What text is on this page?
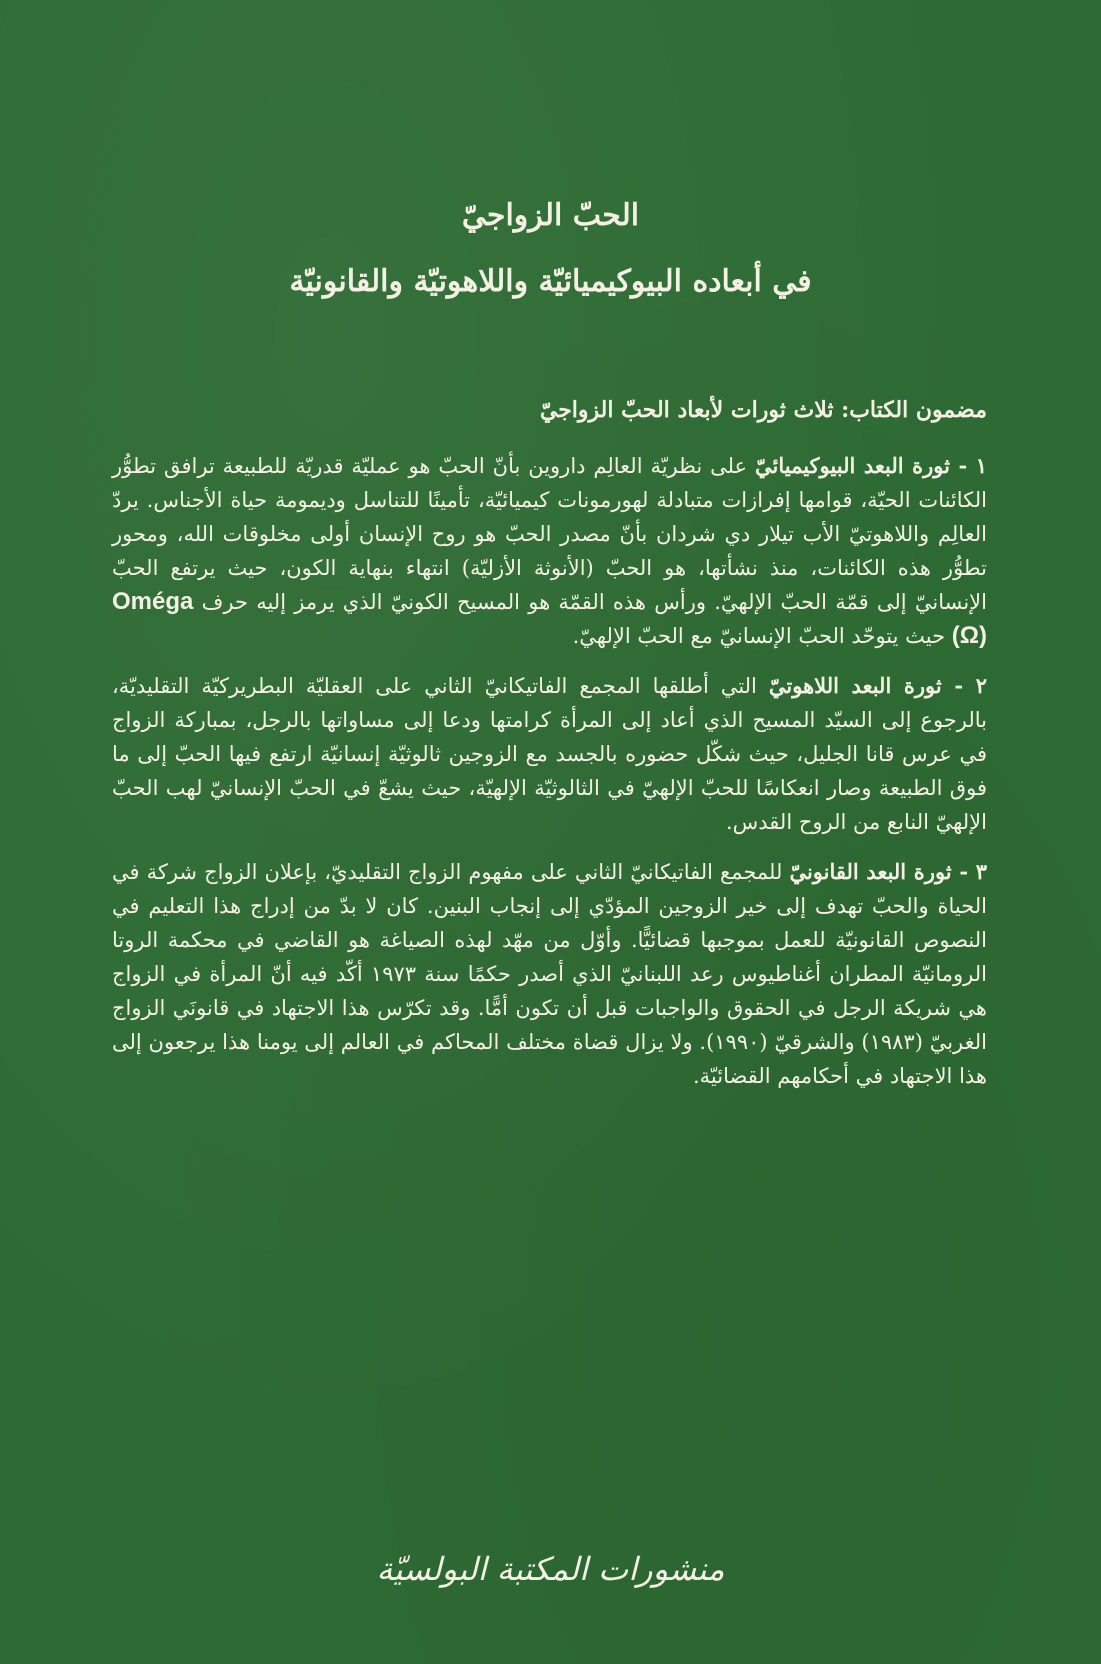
الحبّ الزواجيّ
في أبعاده البيوكيميائيّة واللاهوتيّة والقانونيّة

مضمون الكتاب: ثلاث ثورات لأبعاد الحبّ الزواجيّ

١ - ثورة البعد البيوكيميائيّ على نظريّة العالِم داروين بأنّ الحبّ هو عمليّة قدريّة للطبيعة ترافق تطوُّر الكائنات الحيّة، قوامها إفرازات متبادلة لهورمونات كيميائيّة، تأمينًا للتناسل وديمومة حياة الأجناس. يردّ العالِم واللاهوتيّ الأب تيلار دي شردان بأنّ مصدر الحبّ هو روح الإنسان أولى مخلوقات الله، ومحور تطوُّر هذه الكائنات، منذ نشأتها، هو الحبّ (الأنوثة الأزليّة) انتهاء بنهاية الكون، حيث يرتفع الحبّ الإنسانيّ إلى قمّة الحبّ الإلهيّ. ورأس هذه القمّة هو المسيح الكونيّ الذي يرمز إليه حرف Oméga (Ω) حيث يتوحّد الحبّ الإنسانيّ مع الحبّ الإلهيّ.

٢ - ثورة البعد اللاهوتيّ التي أطلقها المجمع الفاتيكانيّ الثاني على العقليّة البطريركيّة التقليديّة، بالرجوع إلى السيّد المسيح الذي أعاد إلى المرأة كرامتها ودعا إلى مساواتها بالرجل، بمباركة الزواج في عرس قانا الجليل، حيث شكّل حضوره بالجسد مع الزوجين ثالوثيّة إنسانيّة ارتفع فيها الحبّ إلى ما فوق الطبيعة وصار انعكاسًا للحبّ الإلهيّ في الثالوثيّة الإلهيّة، حيث يشعّ في الحبّ الإنسانيّ لهب الحبّ الإلهيّ النابع من الروح القدس.

٣ - ثورة البعد القانونيّ للمجمع الفاتيكانيّ الثاني على مفهوم الزواج التقليديّ، بإعلان الزواج شركة في الحياة والحبّ تهدف إلى خير الزوجين المؤدّي إلى إنجاب البنين. كان لا بدّ من إدراج هذا التعليم في النصوص القانونيّة للعمل بموجبها قضائيًّا. وأوّل من مهّد لهذه الصياغة هو القاضي في محكمة الروتا الرومانيّة المطران أغناطيوس رعد اللبنانيّ الذي أصدر حكمًا سنة ١٩٧٣ أكّد فيه أنّ المرأة في الزواج هي شريكة الرجل في الحقوق والواجبات قبل أن تكون أمًّا. وقد تكرّس هذا الاجتهاد في قانونَي الزواج الغربيّ (١٩٨٣) والشرقيّ (١٩٩٠). ولا يزال قضاة مختلف المحاكم في العالم إلى يومنا هذا يرجعون إلى هذا الاجتهاد في أحكامهم القضائيّة.

منشورات المكتبة البولسيّة
